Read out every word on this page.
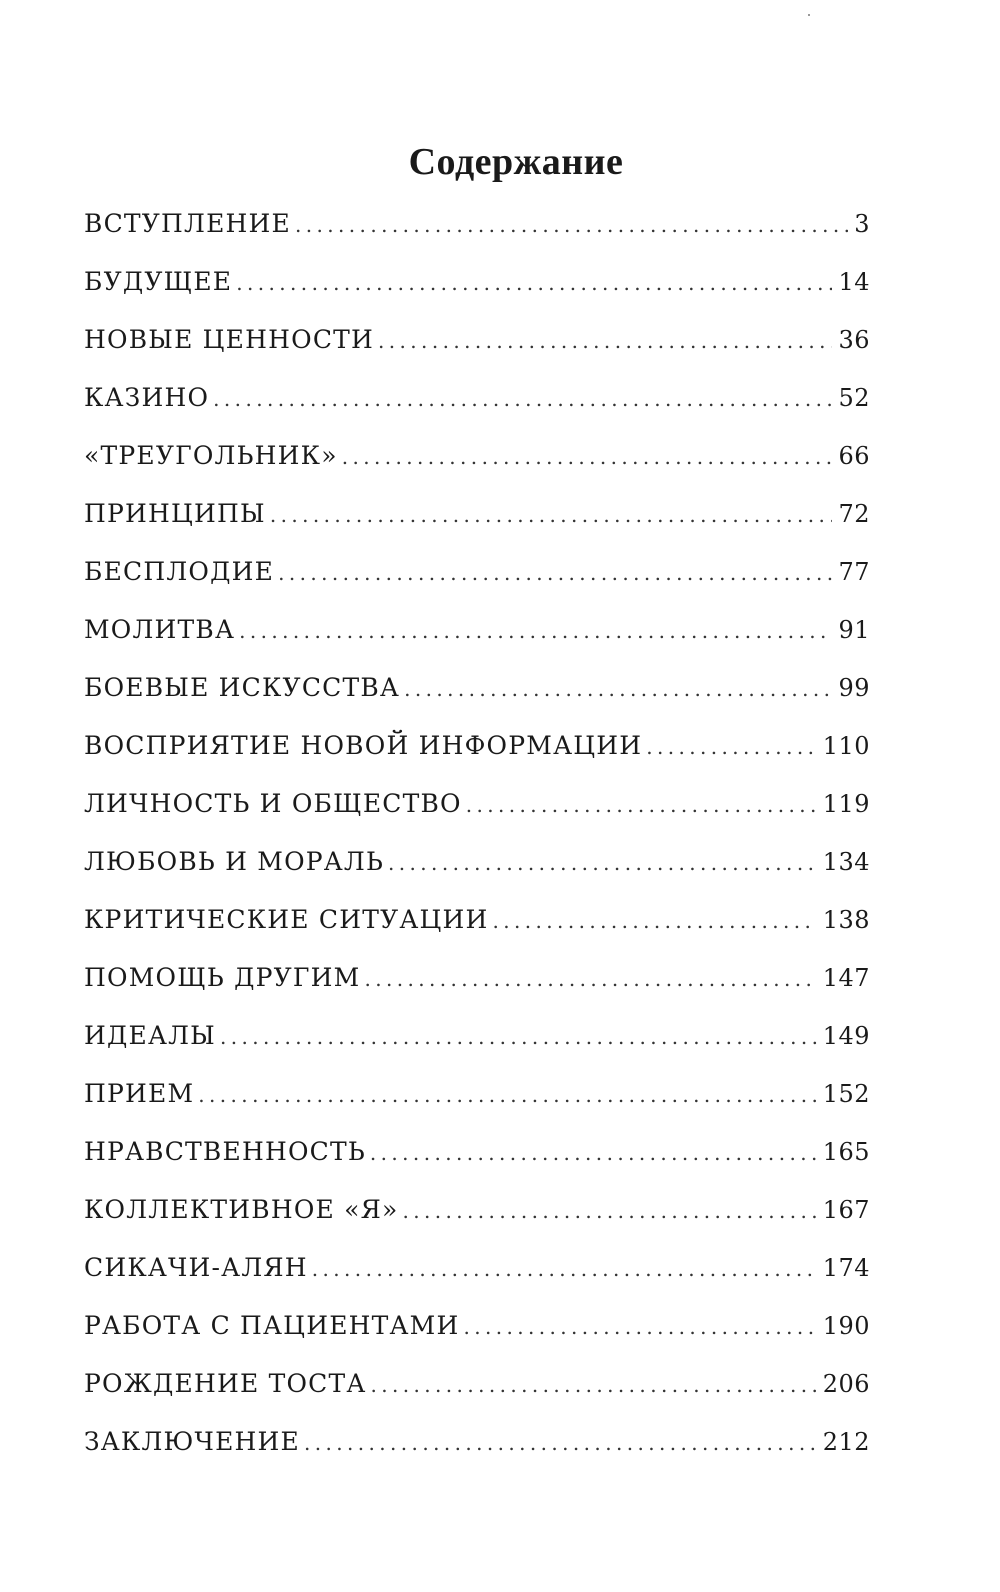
Содержание
ВСТУПЛЕНИЕ .....	3
БУДУЩЕЕ .....	14
НОВЫЕ ЦЕННОСТИ .....	36
КАЗИНО .....	52
«ТРЕУГОЛЬНИК» .....	66
ПРИНЦИПЫ .....	72
БЕСПЛОДИЕ .....	77
МОЛИТВА .....	91
БОЕВЫЕ ИСКУССТВА .....	99
ВОСПРИЯТИЕ НОВОЙ ИНФОРМАЦИИ .....	110
ЛИЧНОСТЬ И ОБЩЕСТВО .....	119
ЛЮБОВЬ И МОРАЛЬ .....	134
КРИТИЧЕСКИЕ СИТУАЦИИ .....	138
ПОМОЩЬ ДРУГИМ .....	147
ИДЕАЛЫ .....	149
ПРИЕМ .....	152
НРАВСТВЕННОСТЬ .....	165
КОЛЛЕКТИВНОЕ «Я» .....	167
СИКАЧИ-АЛЯН .....	174
РАБОТА С ПАЦИЕНТАМИ .....	190
РОЖДЕНИЕ ТОСТА .....	206
ЗАКЛЮЧЕНИЕ .....	212
